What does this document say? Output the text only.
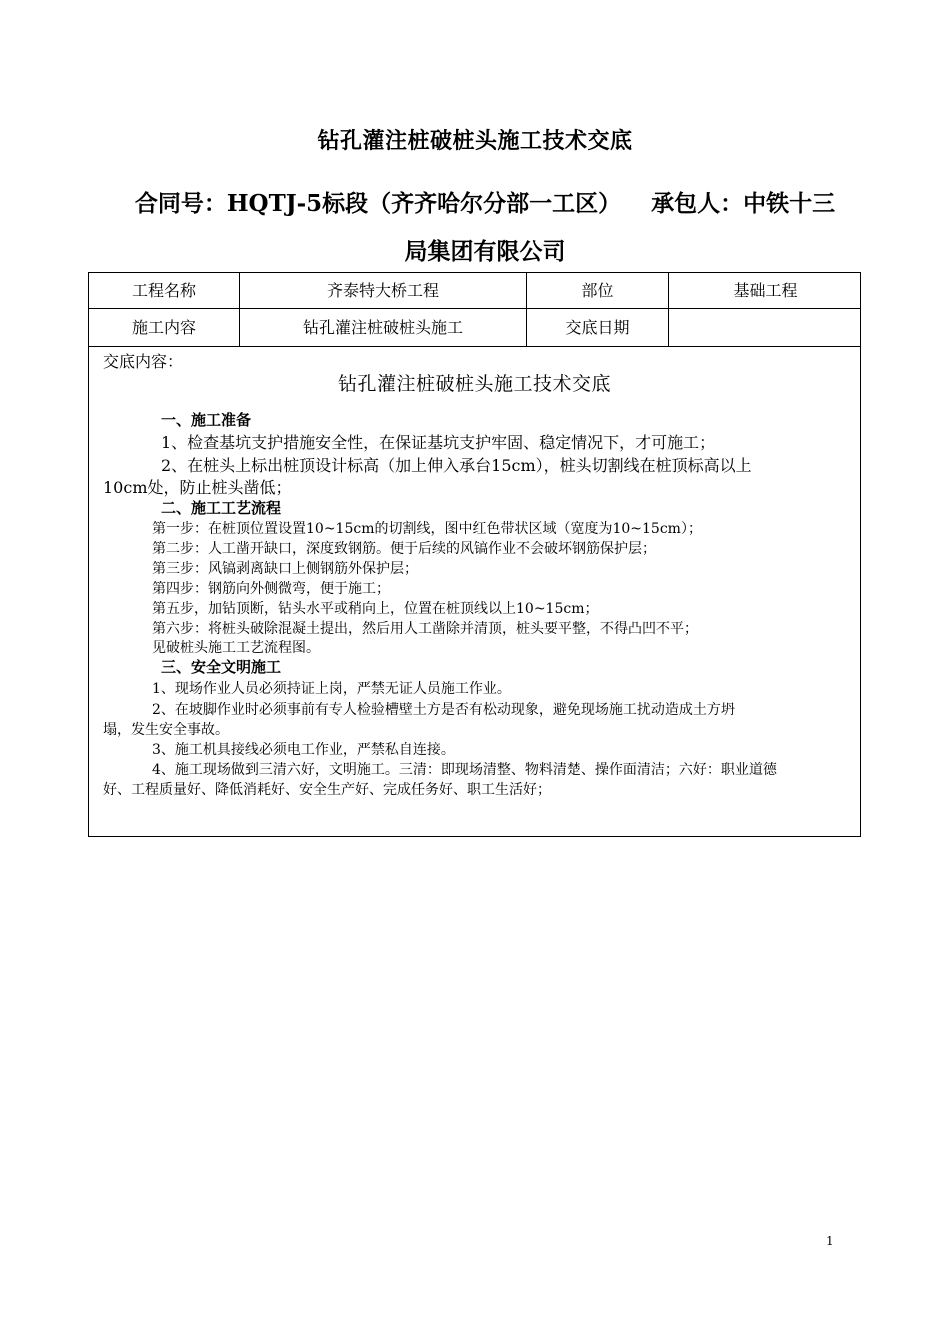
钻孔灌注桩破桩头施工技术交底
合同号：HQTJ-5标段（齐齐哈尔分部一工区） 承包人：中铁十三
局集团有限公司
工程名称	齐泰特大桥工程	部位	基础工程
施工内容	钻孔灌注桩破桩头施工	交底日期
交底内容：
钻孔灌注桩破桩头施工技术交底
一、施工准备
1、检查基坑支护措施安全性，在保证基坑支护牢固、稳定情况下，才可施工；
2、在桩头上标出桩顶设计标高（加上伸入承台15cm），桩头切割线在桩顶标高以上
10cm处，防止桩头凿低；
二、施工工艺流程
第一步：在桩顶位置设置10~15cm的切割线，图中红色带状区域（宽度为10~15cm）；
第二步：人工凿开缺口，深度致钢筋。便于后续的风镐作业不会破坏钢筋保护层；
第三步：风镐剥离缺口上侧钢筋外保护层；
第四步：钢筋向外侧微弯，便于施工；
第五步，加钻顶断，钻头水平或稍向上，位置在桩顶线以上10~15cm；
第六步：将桩头破除混凝土提出，然后用人工凿除并清顶，桩头要平整，不得凸凹不平；
见破桩头施工工艺流程图。
三、安全文明施工
1、现场作业人员必须持证上岗，严禁无证人员施工作业。
2、在坡脚作业时必须事前有专人检验槽壁土方是否有松动现象，避免现场施工扰动造成土方坍
塌，发生安全事故。
3、施工机具接线必须电工作业，严禁私自连接。
4、施工现场做到三清六好，文明施工。三清：即现场清整、物料清楚、操作面清洁；六好：职业道德
好、工程质量好、降低消耗好、安全生产好、完成任务好、职工生活好；
1
